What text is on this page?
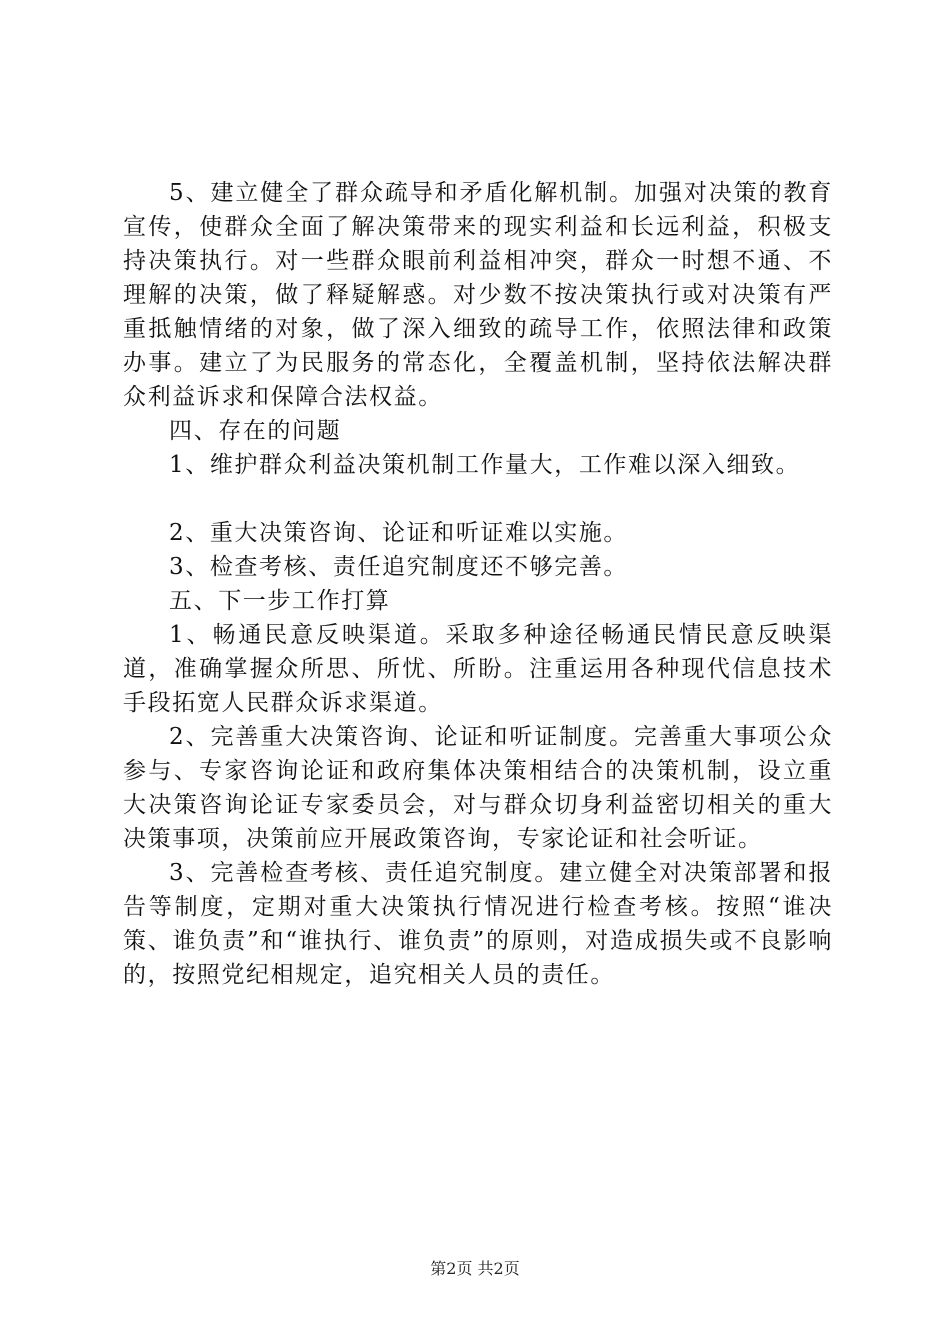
5、建立健全了群众疏导和矛盾化解机制。加强对决策的教育宣传，使群众全面了解决策带来的现实利益和长远利益，积极支持决策执行。对一些群众眼前利益相冲突，群众一时想不通、不理解的决策，做了释疑解惑。对少数不按决策执行或对决策有严重抵触情绪的对象，做了深入细致的疏导工作，依照法律和政策办事。建立了为民服务的常态化，全覆盖机制，坚持依法解决群众利益诉求和保障合法权益。

四、存在的问题

1、维护群众利益决策机制工作量大，工作难以深入细致。

2、重大决策咨询、论证和听证难以实施。

3、检查考核、责任追究制度还不够完善。

五、下一步工作打算

1、畅通民意反映渠道。采取多种途径畅通民情民意反映渠道，准确掌握众所思、所忧、所盼。注重运用各种现代信息技术手段拓宽人民群众诉求渠道。

2、完善重大决策咨询、论证和听证制度。完善重大事项公众参与、专家咨询论证和政府集体决策相结合的决策机制，设立重大决策咨询论证专家委员会，对与群众切身利益密切相关的重大决策事项，决策前应开展政策咨询，专家论证和社会听证。

3、完善检查考核、责任追究制度。建立健全对决策部署和报告等制度，定期对重大决策执行情况进行检查考核。按照“谁决策、谁负责”和“谁执行、谁负责”的原则，对造成损失或不良影响的，按照党纪相规定，追究相关人员的责任。

第2页 共2页
